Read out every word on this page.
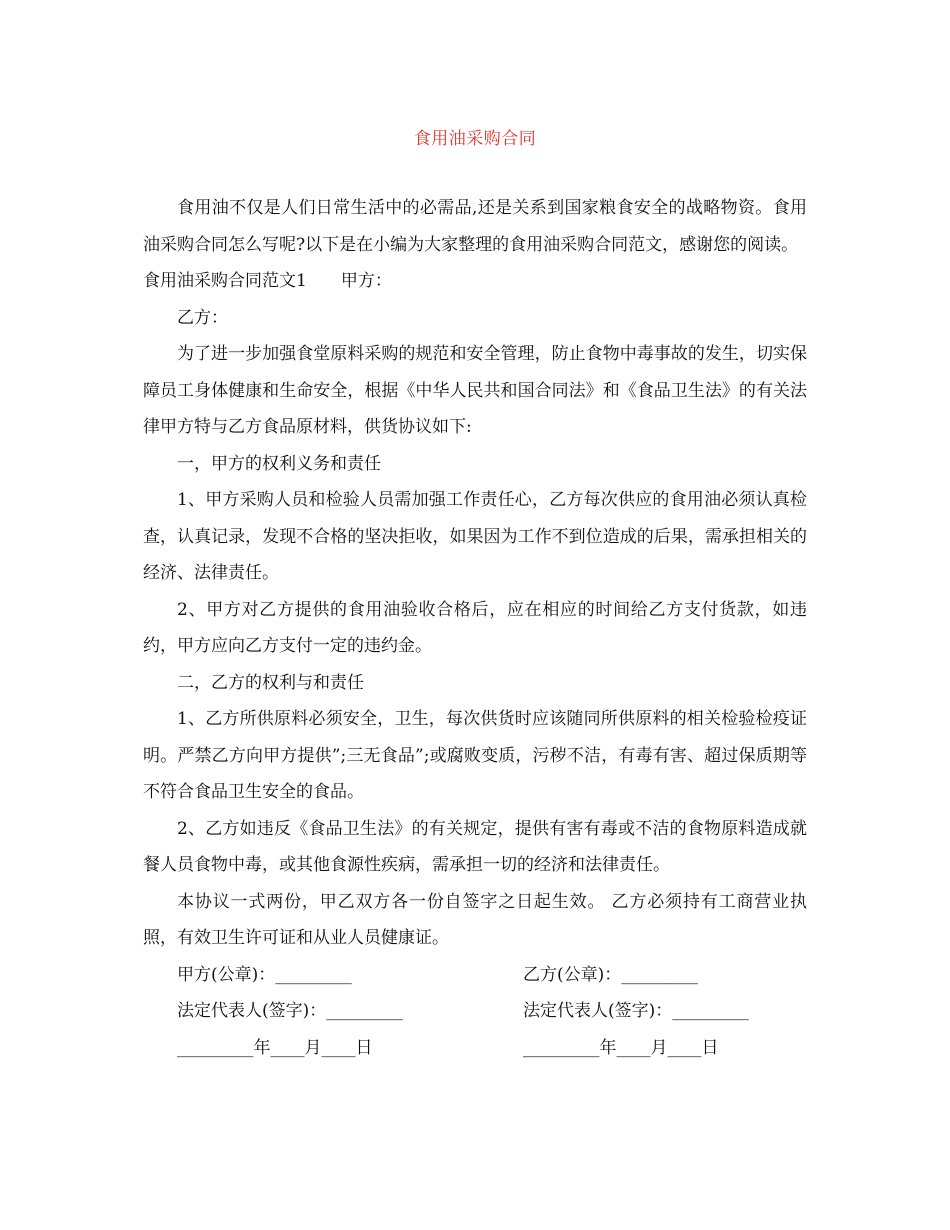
食用油采购合同

食用油不仅是人们日常生活中的必需品,还是关系到国家粮食安全的战略物资。食用油采购合同怎么写呢?以下是在小编为大家整理的食用油采购合同范文，感谢您的阅读。

食用油采购合同范文1　　甲方：

乙方：

为了进一步加强食堂原料采购的规范和安全管理，防止食物中毒事故的发生，切实保障员工身体健康和生命安全，根据《中华人民共和国合同法》和《食品卫生法》的有关法律甲方特与乙方食品原材料，供货协议如下:

一，甲方的权利义务和责任

1、甲方采购人员和检验人员需加强工作责任心，乙方每次供应的食用油必须认真检查，认真记录，发现不合格的坚决拒收，如果因为工作不到位造成的后果，需承担相关的经济、法律责任。

2、甲方对乙方提供的食用油验收合格后，应在相应的时间给乙方支付货款，如违约，甲方应向乙方支付一定的违约金。

二，乙方的权利与和责任

1、乙方所供原料必须安全，卫生，每次供货时应该随同所供原料的相关检验检疫证明。严禁乙方向甲方提供”;三无食品”;或腐败变质，污秽不洁，有毒有害、超过保质期等不符合食品卫生安全的食品。

2、乙方如违反《食品卫生法》的有关规定，提供有害有毒或不洁的食物原料造成就餐人员食物中毒，或其他食源性疾病，需承担一切的经济和法律责任。

本协议一式两份，甲乙双方各一份自签字之日起生效。 乙方必须持有工商营业执照，有效卫生许可证和从业人员健康证。

甲方(公章)：_________	乙方(公章)：_________
法定代表人(签字)：_________	法定代表人(签字)：_________
_________年____月____日	_________年____月____日
